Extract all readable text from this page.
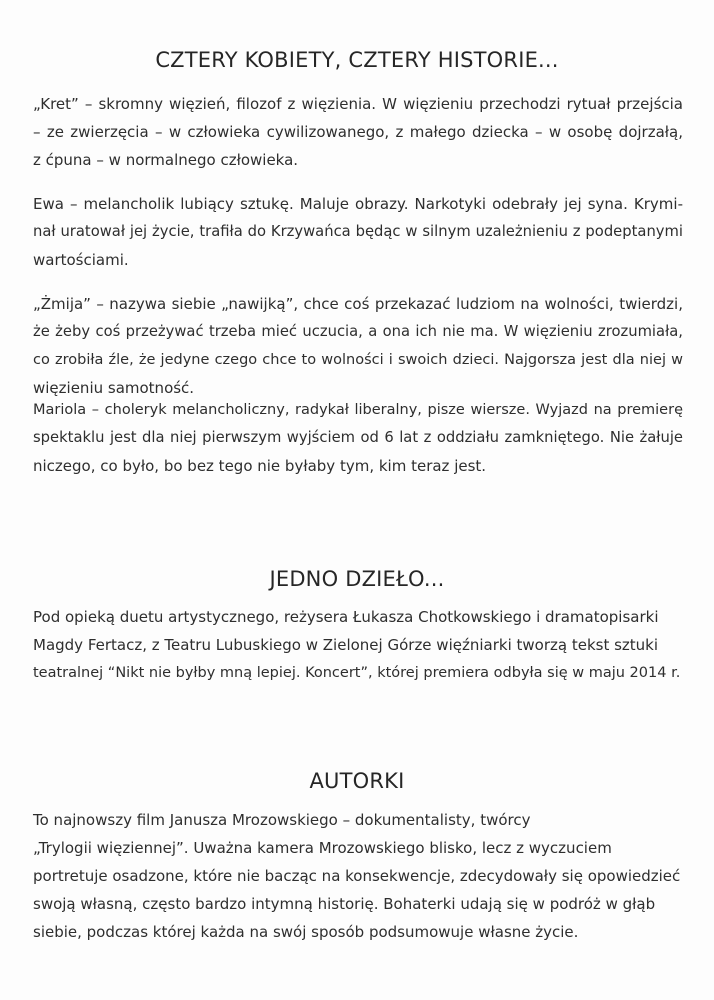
CZTERY KOBIETY, CZTERY HISTORIE...

„Kret” – skromny więzień, filozof z więzienia. W więzieniu przechodzi rytuał przejścia
– ze zwierzęcia – w człowieka cywilizowanego, z małego dziecka – w osobę dojrzałą,
z ćpuna – w normalnego człowieka.

Ewa – melancholik lubiący sztukę. Maluje obrazy. Narkotyki odebrały jej syna. Krymi-
nał uratował jej życie, trafiła do Krzywańca będąc w silnym uzależnieniu z podeptanymi
wartościami.

„Żmija” – nazywa siebie „nawijką”, chce coś przekazać ludziom na wolności, twierdzi,
że żeby coś przeżywać trzeba mieć uczucia, a ona ich nie ma. W więzieniu zrozumiała,
co zrobiła źle, że jedyne czego chce to wolności i swoich dzieci. Najgorsza jest dla niej w
więzieniu samotność.

Mariola – choleryk melancholiczny, radykał liberalny, pisze wiersze. Wyjazd na premierę
spektaklu jest dla niej pierwszym wyjściem od 6 lat z oddziału zamkniętego. Nie żałuje
niczego, co było, bo bez tego nie byłaby tym, kim teraz jest.

JEDNO DZIEŁO...

Pod opieką duetu artystycznego, reżysera Łukasza Chotkowskiego i dramatopisarki
Magdy Fertacz, z Teatru Lubuskiego w Zielonej Górze więźniarki tworzą tekst sztuki
teatralnej “Nikt nie byłby mną lepiej. Koncert”, której premiera odbyła się w maju 2014 r.

AUTORKI

To najnowszy film Janusza Mrozowskiego – dokumentalisty, twórcy
„Trylogii więziennej”. Uważna kamera Mrozowskiego blisko, lecz z wyczuciem
portretuje osadzone, które nie bacząc na konsekwencje, zdecydowały się opowiedzieć
swoją własną, często bardzo intymną historię. Bohaterki udają się w podróż w głąb
siebie, podczas której każda na swój sposób podsumowuje własne życie.
